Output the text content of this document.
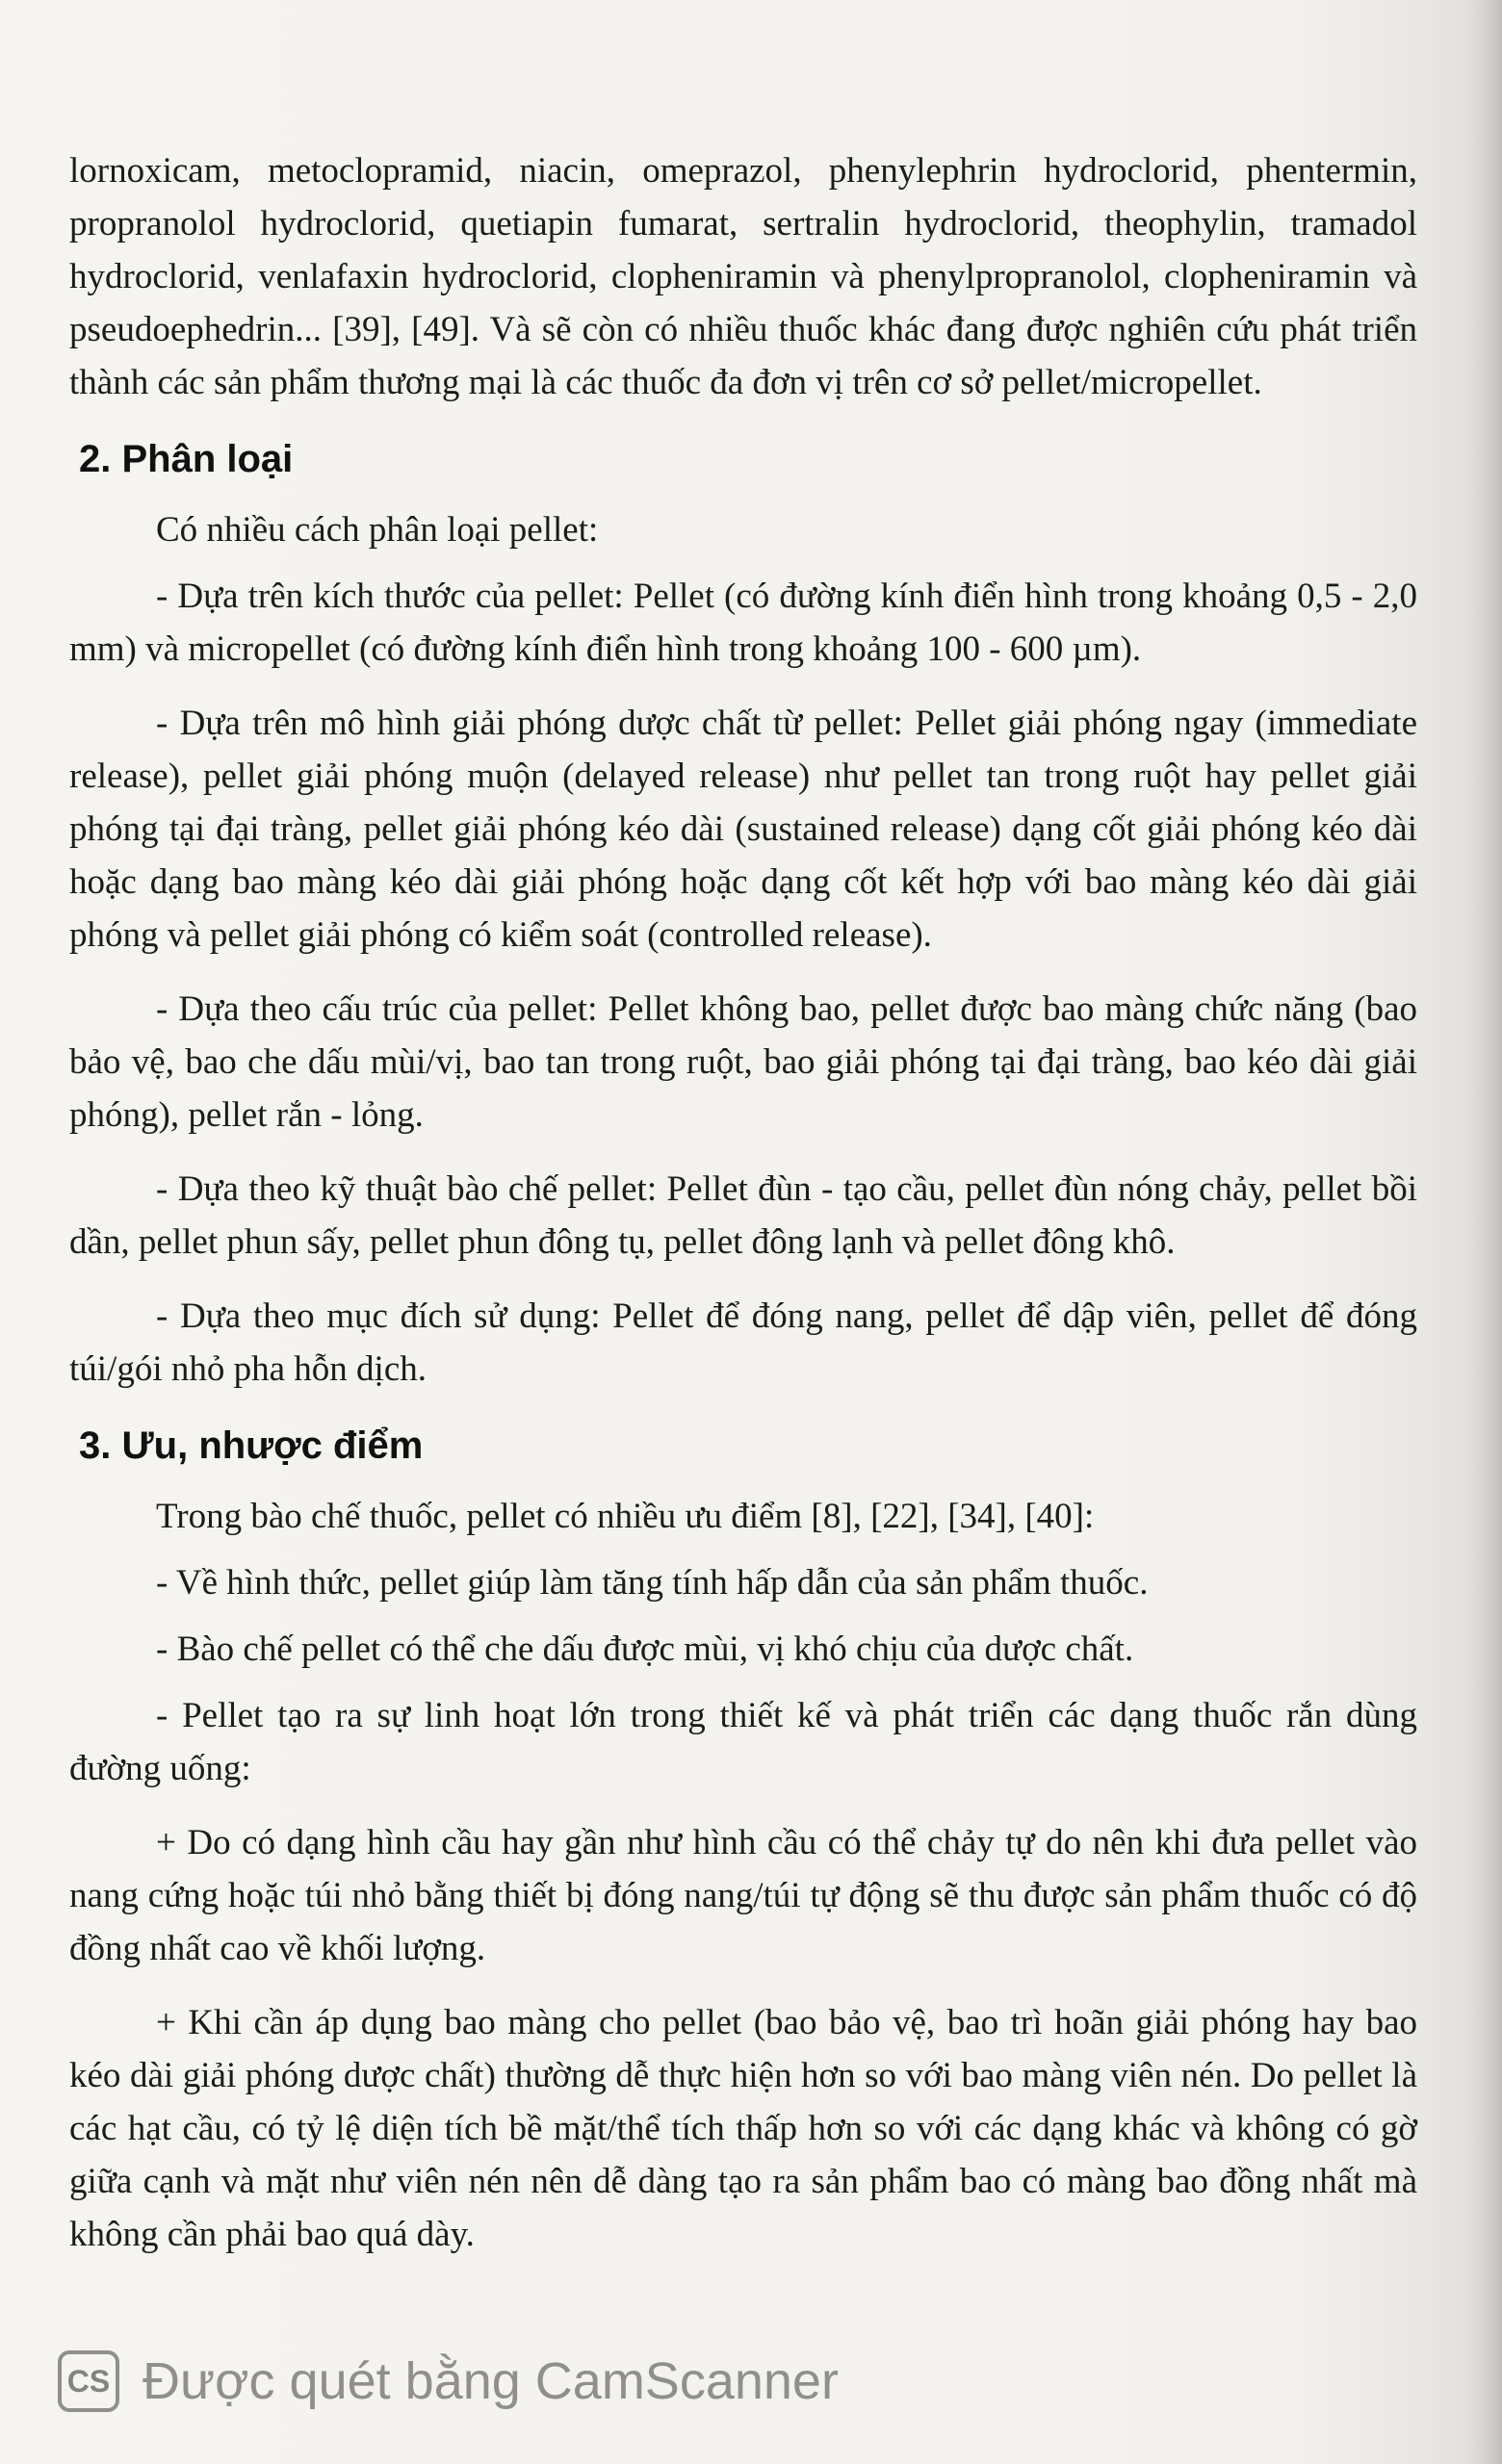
lornoxicam, metoclopramid, niacin, omeprazol, phenylephrin hydroclorid, phentermin, propranolol hydroclorid, quetiapin fumarat, sertralin hydroclorid, theophylin, tramadol hydroclorid, venlafaxin hydroclorid, clopheniramin và phenylpropranolol, clopheniramin và pseudoephedrin... [39], [49]. Và sẽ còn có nhiều thuốc khác đang được nghiên cứu phát triển thành các sản phẩm thương mại là các thuốc đa đơn vị trên cơ sở pellet/micropellet.

2. Phân loại

Có nhiều cách phân loại pellet:

- Dựa trên kích thước của pellet: Pellet (có đường kính điển hình trong khoảng 0,5 - 2,0 mm) và micropellet (có đường kính điển hình trong khoảng 100 - 600 µm).

- Dựa trên mô hình giải phóng dược chất từ pellet: Pellet giải phóng ngay (immediate release), pellet giải phóng muộn (delayed release) như pellet tan trong ruột hay pellet giải phóng tại đại tràng, pellet giải phóng kéo dài (sustained release) dạng cốt giải phóng kéo dài hoặc dạng bao màng kéo dài giải phóng hoặc dạng cốt kết hợp với bao màng kéo dài giải phóng và pellet giải phóng có kiểm soát (controlled release).

- Dựa theo cấu trúc của pellet: Pellet không bao, pellet được bao màng chức năng (bao bảo vệ, bao che dấu mùi/vị, bao tan trong ruột, bao giải phóng tại đại tràng, bao kéo dài giải phóng), pellet rắn - lỏng.

- Dựa theo kỹ thuật bào chế pellet: Pellet đùn - tạo cầu, pellet đùn nóng chảy, pellet bồi dần, pellet phun sấy, pellet phun đông tụ, pellet đông lạnh và pellet đông khô.

- Dựa theo mục đích sử dụng: Pellet để đóng nang, pellet để dập viên, pellet để đóng túi/gói nhỏ pha hỗn dịch.

3. Ưu, nhược điểm

Trong bào chế thuốc, pellet có nhiều ưu điểm [8], [22], [34], [40]:

- Về hình thức, pellet giúp làm tăng tính hấp dẫn của sản phẩm thuốc.

- Bào chế pellet có thể che dấu được mùi, vị khó chịu của dược chất.

- Pellet tạo ra sự linh hoạt lớn trong thiết kế và phát triển các dạng thuốc rắn dùng đường uống:

+ Do có dạng hình cầu hay gần như hình cầu có thể chảy tự do nên khi đưa pellet vào nang cứng hoặc túi nhỏ bằng thiết bị đóng nang/túi tự động sẽ thu được sản phẩm thuốc có độ đồng nhất cao về khối lượng.

+ Khi cần áp dụng bao màng cho pellet (bao bảo vệ, bao trì hoãn giải phóng hay bao kéo dài giải phóng dược chất) thường dễ thực hiện hơn so với bao màng viên nén. Do pellet là các hạt cầu, có tỷ lệ diện tích bề mặt/thể tích thấp hơn so với các dạng khác và không có gờ giữa cạnh và mặt như viên nén nên dễ dàng tạo ra sản phẩm bao có màng bao đồng nhất mà không cần phải bao quá dày.

CS Được quét bằng CamScanner
